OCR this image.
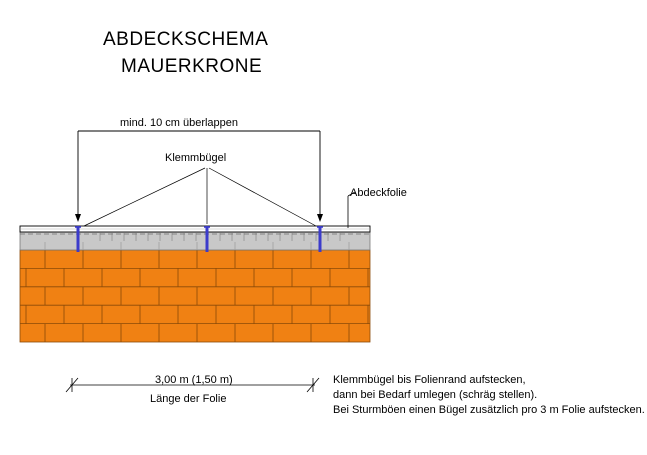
ABDECKSCHEMA
MAUERKRONE
mind. 10 cm überlappen
Klemmbügel
Abdeckfolie
3,00 m (1,50 m)
Länge der Folie
Klemmbügel bis Folienrand aufstecken,
dann bei Bedarf umlegen (schräg stellen).
Bei Sturmböen einen Bügel zusätzlich pro 3 m Folie aufstecken.
